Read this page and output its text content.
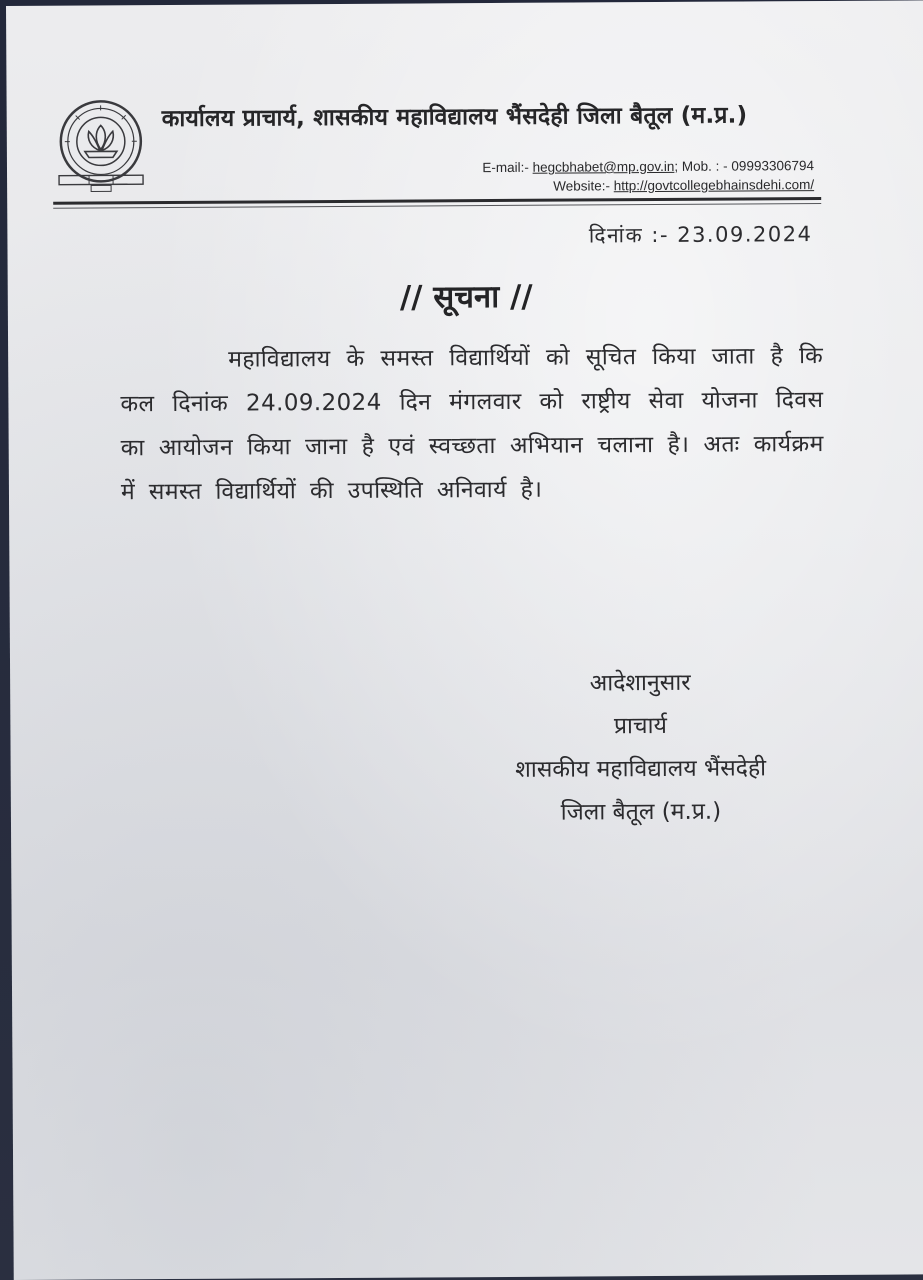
कार्यालय प्राचार्य, शासकीय महाविद्यालय भैंसदेही जिला बैतूल (म.प्र.)
E-mail:- hegcbhabet@mp.gov.in; Mob. : - 09993306794
Website:- http://govtcollegebhainsdehi.com/
दिनांक :- 23.09.2024
// सूचना //
महाविद्यालय के समस्त विद्यार्थियों को सूचित किया जाता है कि कल दिनांक 24.09.2024 दिन मंगलवार को राष्ट्रीय सेवा योजना दिवस का आयोजन किया जाना है एवं स्वच्छता अभियान चलाना है। अतः कार्यक्रम में समस्त विद्यार्थियों की उपस्थिति अनिवार्य है।
आदेशानुसार
प्राचार्य
शासकीय महाविद्यालय भैंसदेही
जिला बैतूल (म.प्र.)
